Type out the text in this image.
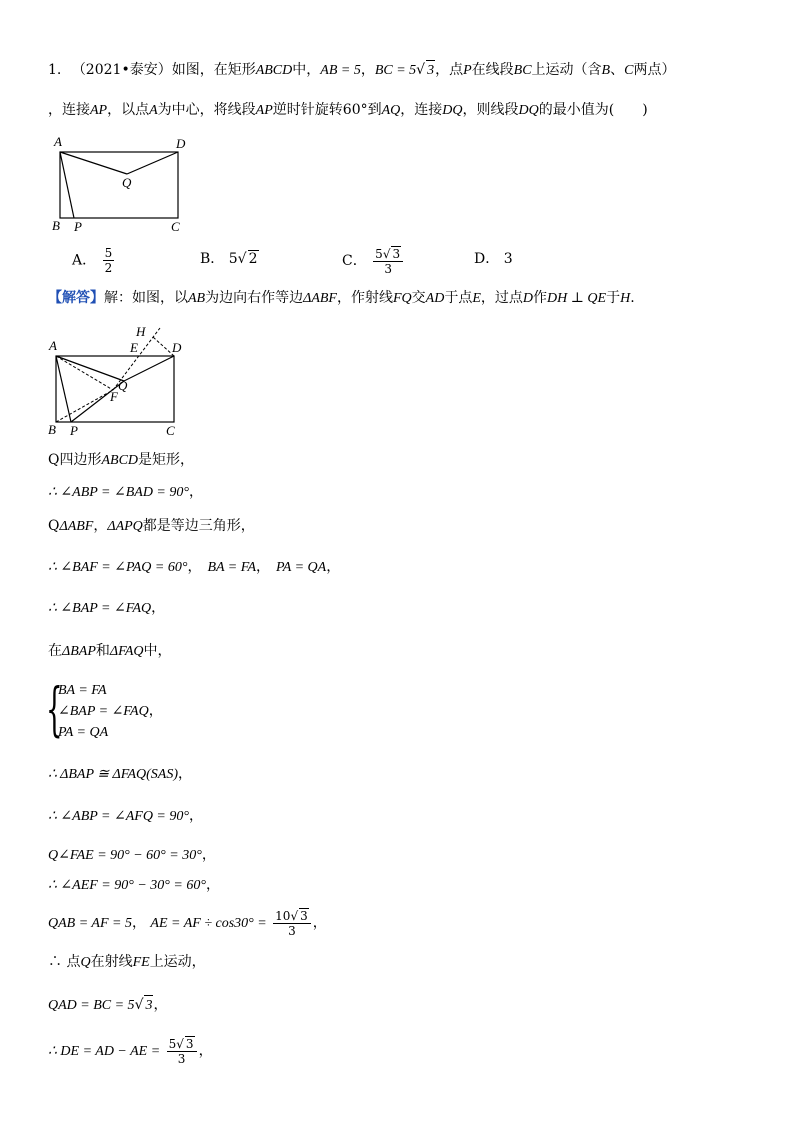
1. （2021•泰安）如图，在矩形ABCD中，AB = 5，BC = 5√ 3，点P在线段BC上运动（含B、C两点）
，连接AP，以点A为中心，将线段AP逆时针旋转60°到AQ，连接DQ，则线段DQ的最小值为(　　)
A	D
Q
B P	C
A． $\frac{5}{2}$	B． 5√ 2	C． $\frac{5√ 3}{3}$	D． 3
【解答】解：如图，以AB为边向右作等边ΔABF，作射线FQ交AD于点E，过点D作DH ⊥ QE于H.
H
A	E	D
Q
F
B P	C
Q四边形ABCD是矩形，
∴ ∠ABP = ∠BAD = 90°，
QΔABF，ΔAPQ都是等边三角形，
∴ ∠BAF = ∠PAQ = 60°， BA = FA， PA = QA，
∴ ∠BAP = ∠FAQ，
在ΔBAP和ΔFAQ中，
{
BA = FA
∠BAP = ∠FAQ，
PA = QA
∴ ΔBAP ≅ ΔFAQ(SAS)，
∴ ∠ABP = ∠AFQ = 90°，
Q∠FAE = 90° − 60° = 30°，
∴ ∠AEF = 90° − 30° = 60°，
QAB = AF = 5， AE = AF ÷ $\cos 30^\circ = \frac{10√ 3}{3}$ ，
∴ 点Q在射线FE上运动，
QAD = BC = 5√ 3，
∴ DE = AD − AE = $\frac{5√ 3}{3}$ ，
